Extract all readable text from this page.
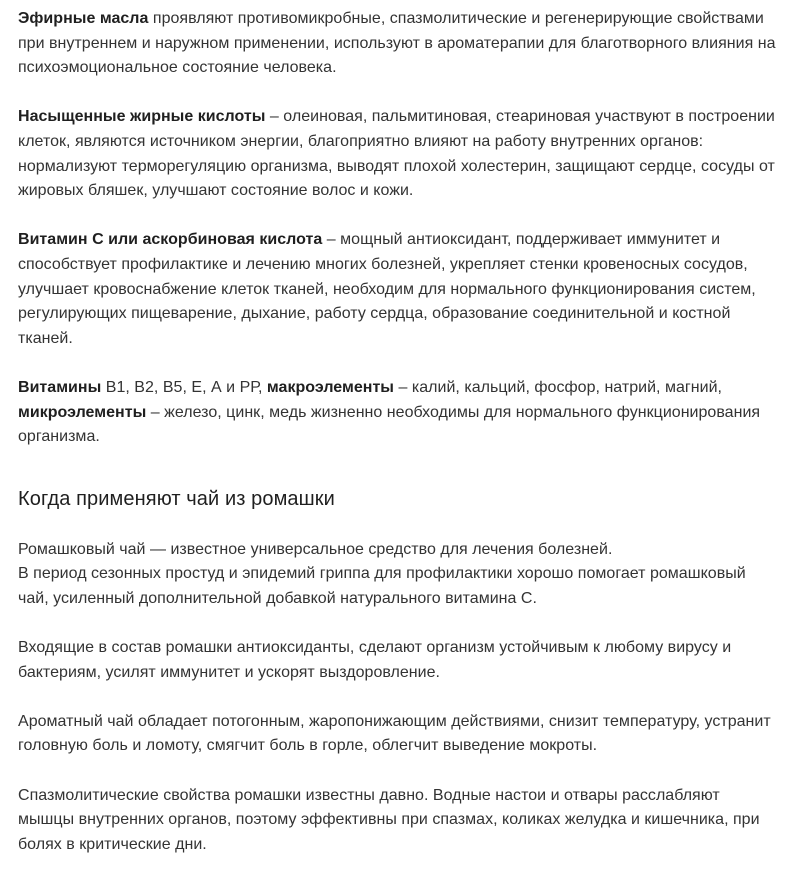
Эфирные масла проявляют противомикробные, спазмолитические и регенерирующие свойствами при внутреннем и наружном применении, используют в ароматерапии для благотворного влияния на психоэмоциональное состояние человека.

Насыщенные жирные кислоты – олеиновая, пальмитиновая, стеариновая участвуют в построении клеток, являются источником энергии, благоприятно влияют на работу внутренних органов: нормализуют терморегуляцию организма, выводят плохой холестерин, защищают сердце, сосуды от жировых бляшек, улучшают состояние волос и кожи.

Витамин С или аскорбиновая кислота – мощный антиоксидант, поддерживает иммунитет и способствует профилактике и лечению многих болезней, укрепляет стенки кровеносных сосудов, улучшает кровоснабжение клеток тканей, необходим для нормального функционирования систем, регулирующих пищеварение, дыхание, работу сердца, образование соединительной и костной тканей.

Витамины В1, В2, В5, Е, А и РР, макроэлементы – калий, кальций, фосфор, натрий, магний, микроэлементы – железо, цинк, медь жизненно необходимы для нормального функционирования организма.

Когда применяют чай из ромашки

Ромашковый чай — известное универсальное средство для лечения болезней.
В период сезонных простуд и эпидемий гриппа для профилактики хорошо помогает ромашковый чай, усиленный дополнительной добавкой натурального витамина С.

Входящие в состав ромашки антиоксиданты, сделают организм устойчивым к любому вирусу и бактериям, усилят иммунитет и ускорят выздоровление.

Ароматный чай обладает потогонным, жаропонижающим действиями, снизит температуру, устранит головную боль и ломоту, смягчит боль в горле, облегчит выведение мокроты.

Спазмолитические свойства ромашки известны давно. Водные настои и отвары расслабляют мышцы внутренних органов, поэтому эффективны при спазмах, коликах желудка и кишечника, при болях в критические дни.
